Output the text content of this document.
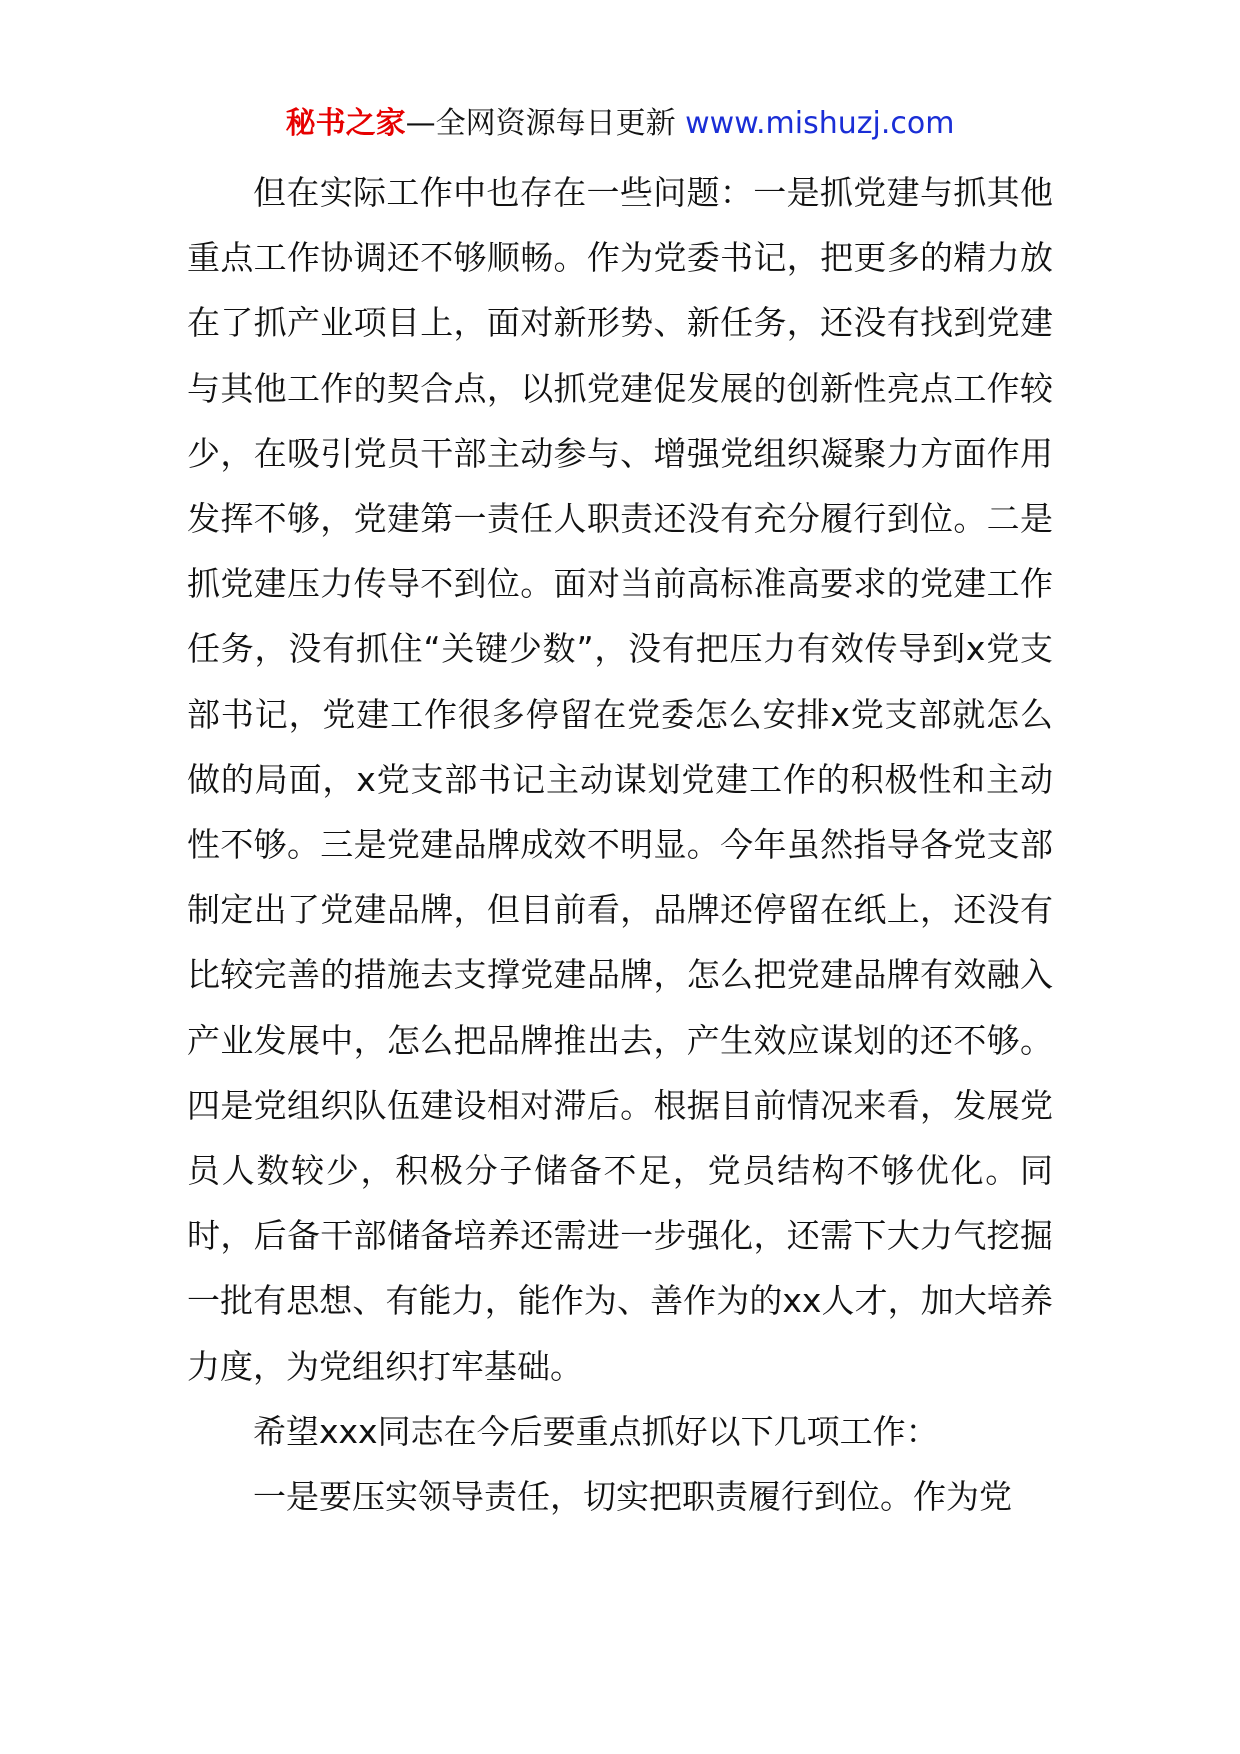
秘书之家—全网资源每日更新 www.mishuzj.com

但在实际工作中也存在一些问题：一是抓党建与抓其他重点工作协调还不够顺畅。作为党委书记，把更多的精力放在了抓产业项目上，面对新形势、新任务，还没有找到党建与其他工作的契合点，以抓党建促发展的创新性亮点工作较少，在吸引党员干部主动参与、增强党组织凝聚力方面作用发挥不够，党建第一责任人职责还没有充分履行到位。二是抓党建压力传导不到位。面对当前高标准高要求的党建工作任务，没有抓住“关键少数”，没有把压力有效传导到x党支部书记，党建工作很多停留在党委怎么安排x党支部就怎么做的局面，x党支部书记主动谋划党建工作的积极性和主动性不够。三是党建品牌成效不明显。今年虽然指导各党支部制定出了党建品牌，但目前看，品牌还停留在纸上，还没有比较完善的措施去支撑党建品牌，怎么把党建品牌有效融入产业发展中，怎么把品牌推出去，产生效应谋划的还不够。四是党组织队伍建设相对滞后。根据目前情况来看，发展党员人数较少，积极分子储备不足，党员结构不够优化。同时，后备干部储备培养还需进一步强化，还需下大力气挖掘一批有思想、有能力，能作为、善作为的xx人才，加大培养力度，为党组织打牢基础。

希望xxx同志在今后要重点抓好以下几项工作：

一是要压实领导责任，切实把职责履行到位。作为党
